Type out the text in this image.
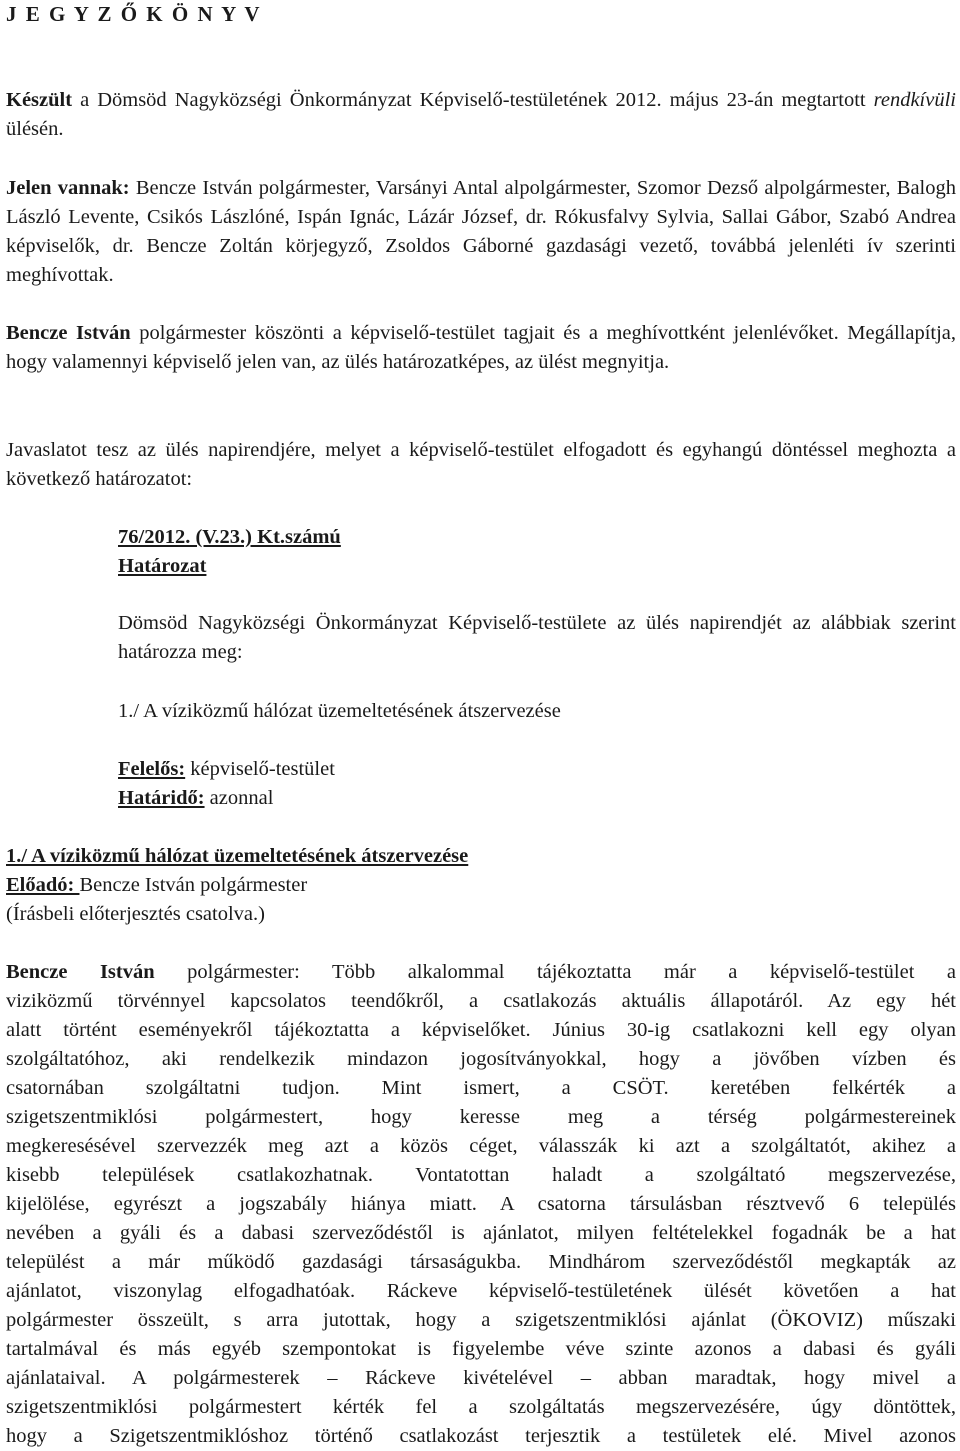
J E G Y Z Ő K Ö N Y V
Készült a Dömsöd Nagyközségi Önkormányzat Képviselő-testületének 2012. május 23-án megtartott rendkívüli ülésén.
Jelen vannak: Bencze István polgármester, Varsányi Antal alpolgármester, Szomor Dezső alpolgármester, Balogh László Levente, Csikós Lászlóné, Ispán Ignác, Lázár József, dr. Rókusfalvy Sylvia, Sallai Gábor, Szabó Andrea képviselők, dr. Bencze Zoltán körjegyző, Zsoldos Gáborné gazdasági vezető, továbbá jelenléti ív szerinti meghívottak.
Bencze István polgármester köszönti a képviselő-testület tagjait és a meghívottként jelenlévőket. Megállapítja, hogy valamennyi képviselő jelen van, az ülés határozatképes, az ülést megnyitja.
Javaslatot tesz az ülés napirendjére, melyet a képviselő-testület elfogadott és egyhangú döntéssel meghozta a következő határozatot:
76/2012. (V.23.) Kt.számú
Határozat
Dömsöd Nagyközségi Önkormányzat Képviselő-testülete az ülés napirendjét az alábbiak szerint határozza meg:
1./ A víziközmű hálózat üzemeltetésének átszervezése
Felelős: képviselő-testület
Határidő: azonnal
1./ A víziközmű hálózat üzemeltetésének átszervezése
Előadó: Bencze István polgármester
(Írásbeli előterjesztés csatolva.)
Bencze István polgármester: Több alkalommal tájékoztatta már a képviselő-testület a
viziközmű törvénnyel kapcsolatos teendőkről, a csatlakozás aktuális állapotáról. Az egy hét
alatt történt eseményekről tájékoztatta a képviselőket. Június 30-ig csatlakozni kell egy olyan
szolgáltatóhoz, aki rendelkezik mindazon jogosítványokkal, hogy a jövőben vízben és
csatornában szolgáltatni tudjon. Mint ismert, a CSÖT. keretében felkérték a
szigetszentmiklósi polgármestert, hogy keresse meg a térség polgármestereinek
megkeresésével szervezzék meg azt a közös céget, válasszák ki azt a szolgáltatót, akihez a
kisebb települések csatlakozhatnak. Vontatottan haladt a szolgáltató megszervezése,
kijelölése, egyrészt a jogszabály hiánya miatt. A csatorna társulásban résztvevő 6 település
nevében a gyáli és a dabasi szerveződéstől is ajánlatot, milyen feltételekkel fogadnák be a hat
települést a már működő gazdasági társaságukba. Mindhárom szerveződéstől megkapták az
ajánlatot, viszonylag elfogadhatóak. Ráckeve képviselő-testületének ülését követően a hat
polgármester összeült, s arra jutottak, hogy a szigetszentmiklósi ajánlat (ÖKOVIZ) műszaki
tartalmával és más egyéb szempontokat is figyelembe véve szinte azonos a dabasi és gyáli
ajánlataival. A polgármesterek – Ráckeve kivételével – abban maradtak, hogy mivel a
szigetszentmiklósi polgármestert kérték fel a szolgáltatás megszervezésére, úgy döntöttek,
hogy a Szigetszentmiklóshoz történő csatlakozást terjesztik a testületek elé. Mivel azonos
